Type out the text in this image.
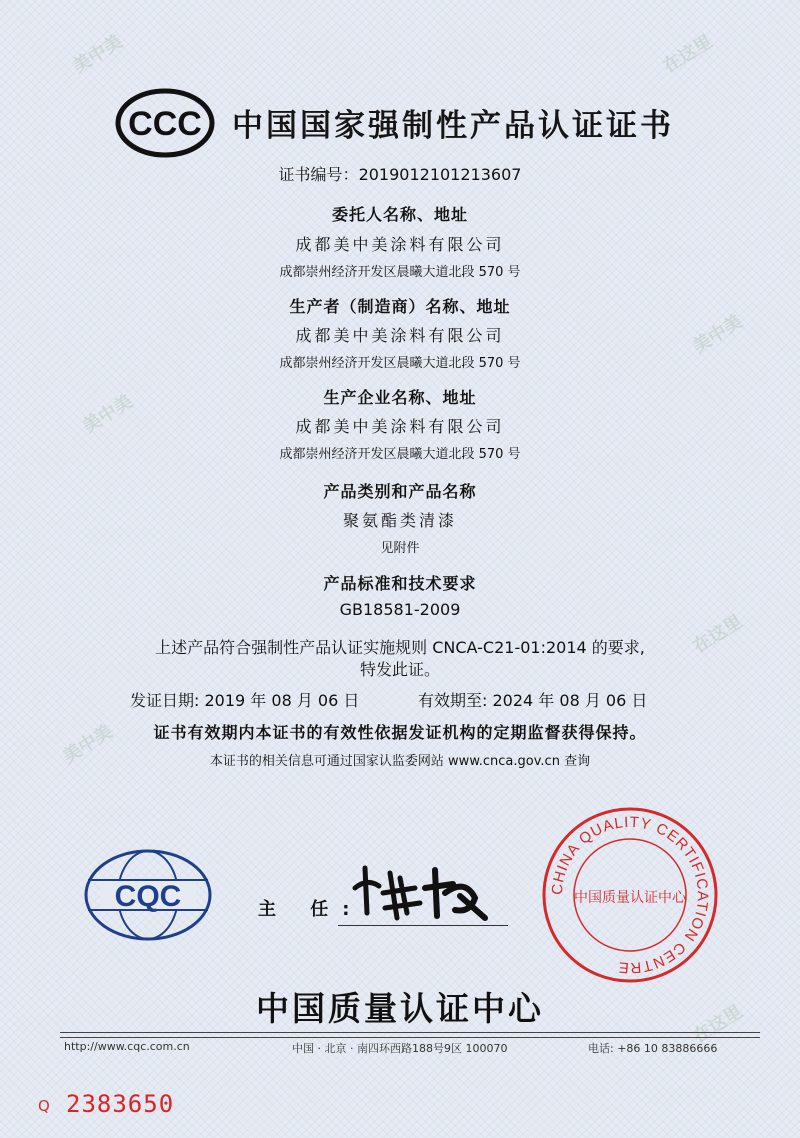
美中美	在这里
美中美
美中美
在这里
美中美
在这里
CCC 中国国家强制性产品认证证书
证书编号：2019012101213607
委托人名称、地址
成都美中美涂料有限公司
成都崇州经济开发区晨曦大道北段 570 号
生产者（制造商）名称、地址
成都美中美涂料有限公司
成都崇州经济开发区晨曦大道北段 570 号
生产企业名称、地址
成都美中美涂料有限公司
成都崇州经济开发区晨曦大道北段 570 号
产品类别和产品名称
聚氨酯类清漆
见附件
产品标准和技术要求
GB18581-2009
上述产品符合强制性产品认证实施规则 CNCA-C21-01:2014 的要求,
特发此证。
发证日期: 2019 年 08 月 06 日	有效期至: 2024 年 08 月 06 日
证书有效期内本证书的有效性依据发证机构的定期监督获得保持。
本证书的相关信息可通过国家认监委网站 www.cnca.gov.cn 查询
CQC	主 任:
CHINA QUALITY CERTIFICATION CENTRE
中国质量认证中心
中国质量认证中心
http://www.cqc.com.cn	中国 · 北京 · 南四环西路188号9区 100070	电话: +86 10 83886666
Q 2383650
